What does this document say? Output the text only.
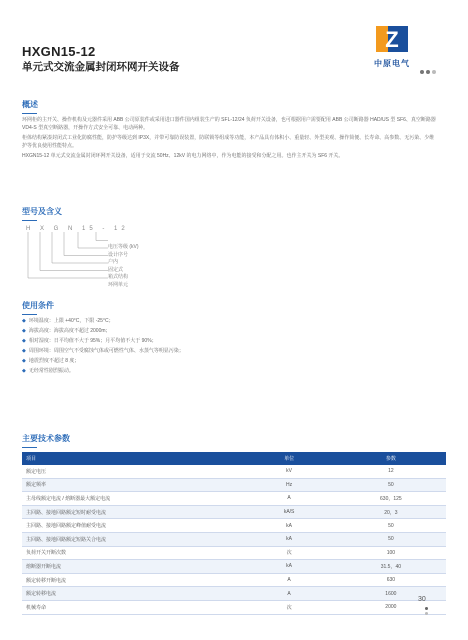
HXGN15-12
单元式交流金属封闭环网开关设备
Z
中原电气
概述

环网柜的主开关、操作机构及元器件采用 ABB 公司原装件或采用进口器件国内组装生产的 SFL-12/24 负荷开关设备，也可根据用户需要配用 ABB 公司断路器 HAD/US 型 SF6、真空断路器 VD4-S 型真空断路器，开操作方式安全可靠、电动两种。

柜体结构紧凑封闭式工业化防腐性能，防护等级达到 IP3X，并带可靠防误装置，防联锁等组成等功能，本产品具有体积小、重量轻、外型美观、操作简便、长寿命、高参数、无污染、少维护等优良使用性能特点。

HXGN15-12 单元式交流金属封闭环网开关设备，适用于交流 50Hz、12kV 的电力网络中，作为电能的接受和分配之用。也作主开关为 SF6 开关。

型号及含义
H X G N 15 - 12
电压等级 (kV)
设计序号
户内
固定式
箱式结构
环网单元
使用条件
◆ 环境温度：上限 +40°C，下限 -25°C；
◆ 海拔高度：海拔高度不超过 2000m；
◆ 相对湿度：日平均值不大于 95%；月平均值不大于 90%；
◆ 周围环境：周围空气不受腐蚀气体或可燃性气体、水蒸气等明显污染；
◆ 地震烈度不超过 8 度；
◆ 无经常性剧烈振动。
主要技术参数
项目	单位	参数
额定电压	kV	12
额定频率	Hz	50
主母线额定电流 / 熔断器最大额定电流	A	630，125
主回路、接地回路额定短时耐受电流	kA/S	20，3
主回路、接地回路额定峰值耐受电流	kA	50
主回路、接地回路额定短路关合电流	kA	50
负荷开关开断次数	次	100
熔断器开断电流	kA	31.5，40
额定转移开断电流	A	630
额定转移电流	A	1600
机械寿命	次	2000
30
